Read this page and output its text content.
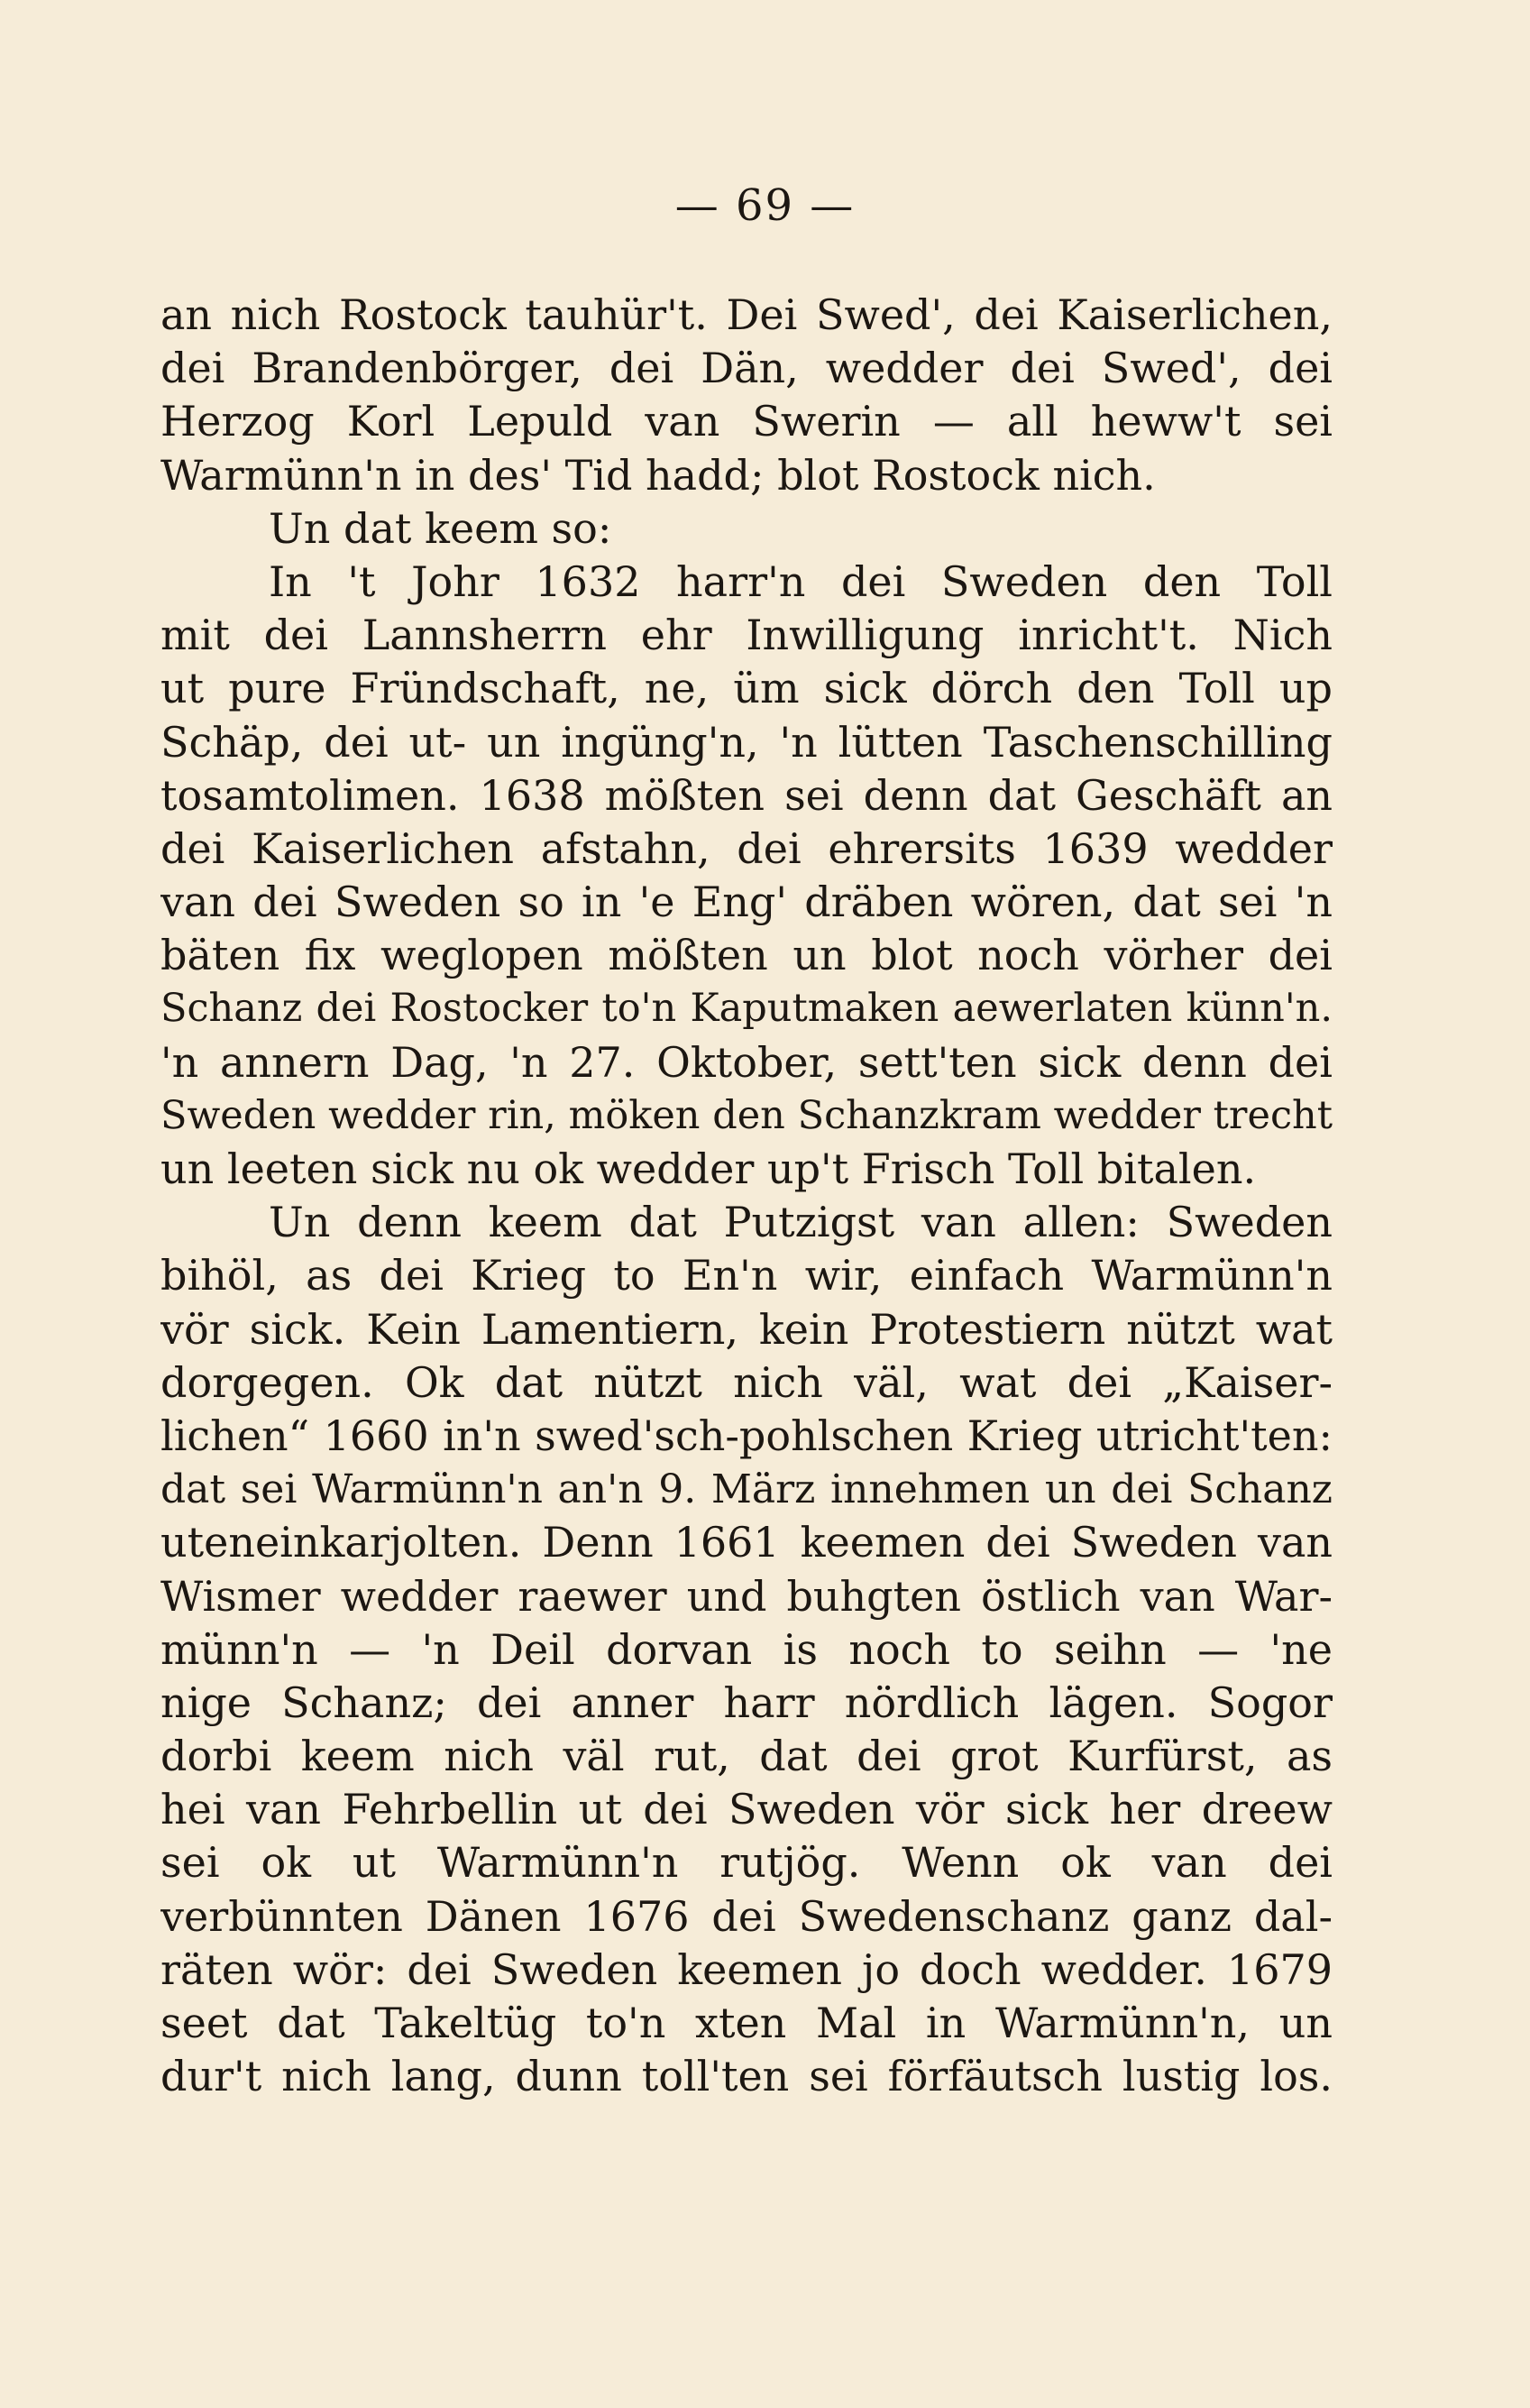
— 69 —
an nich Rostock tauhür't. Dei Swed', dei Kaiserlichen,
dei Brandenbörger, dei Dän, wedder dei Swed', dei
Herzog Korl Lepuld van Swerin — all heww't sei
Warmünn'n in des' Tid hadd; blot Rostock nich.
Un dat keem so:
In 't Johr 1632 harr'n dei Sweden den Toll
mit dei Lannsherrn ehr Inwilligung inricht't. Nich
ut pure Fründschaft, ne, üm sick dörch den Toll up
Schäp, dei ut- un ingüng'n, 'n lütten Taschenschilling
tosamtolimen. 1638 mößten sei denn dat Geschäft an
dei Kaiserlichen afstahn, dei ehrersits 1639 wedder
van dei Sweden so in 'e Eng' dräben wören, dat sei 'n
bäten fix weglopen mößten un blot noch vörher dei
Schanz dei Rostocker to'n Kaputmaken aewerlaten künn'n.
'n annern Dag, 'n 27. Oktober, sett'ten sick denn dei
Sweden wedder rin, möken den Schanzkram wedder trecht
un leeten sick nu ok wedder up't Frisch Toll bitalen.
Un denn keem dat Putzigst van allen: Sweden
bihöl, as dei Krieg to En'n wir, einfach Warmünn'n
vör sick. Kein Lamentiern, kein Protestiern nützt wat
dorgegen. Ok dat nützt nich väl, wat dei „Kaiser-
lichen“ 1660 in'n swed'sch-pohlschen Krieg utricht'ten:
dat sei Warmünn'n an'n 9. März innehmen un dei Schanz
uteneinkarjolten. Denn 1661 keemen dei Sweden van
Wismer wedder raewer und buhgten östlich van War-
münn'n — 'n Deil dorvan is noch to seihn — 'ne
nige Schanz; dei anner harr nördlich lägen. Sogor
dorbi keem nich väl rut, dat dei grot Kurfürst, as
hei van Fehrbellin ut dei Sweden vör sick her dreew
sei ok ut Warmünn'n rutjög. Wenn ok van dei
verbünnten Dänen 1676 dei Swedenschanz ganz dal-
räten wör: dei Sweden keemen jo doch wedder. 1679
seet dat Takeltüg to'n xten Mal in Warmünn'n, un
dur't nich lang, dunn toll'ten sei förfäutsch lustig los.
